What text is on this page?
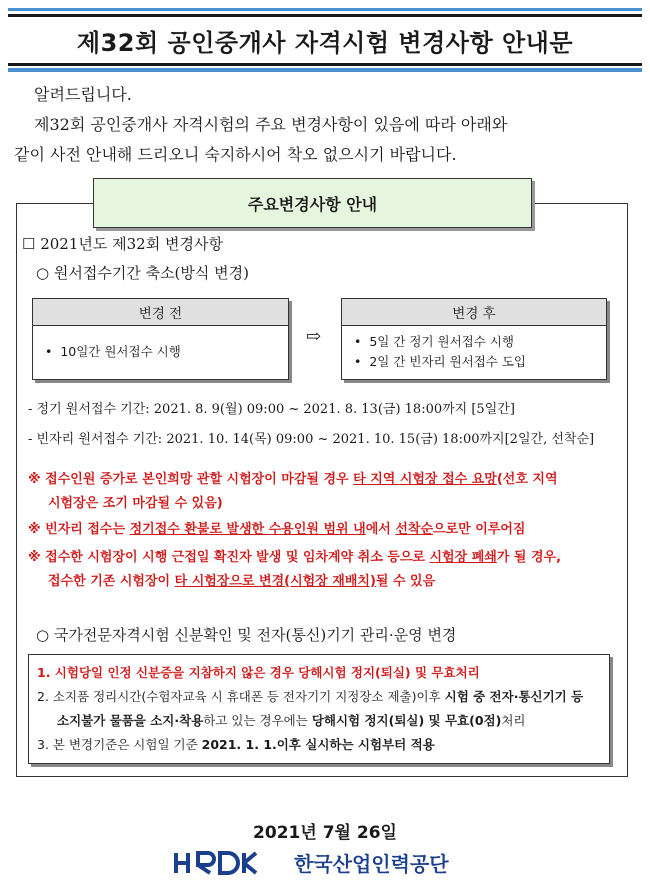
제32회 공인중개사 자격시험 변경사항 안내문
알려드립니다.
제32회 공인중개사 자격시험의 주요 변경사항이 있음에 따라 아래와
같이 사전 안내해 드리오니 숙지하시어 착오 없으시기 바랍니다.
주요변경사항 안내
☐ 2021년도 제32회 변경사항
○ 원서접수기간 축소(방식 변경)
변경 전
•  10일간 원서접수 시행
⇨
변경 후
•  5일 간 정기 원서접수 시행
•  2일 간 빈자리 원서접수 도입
- 정기 원서접수 기간: 2021. 8. 9(월) 09:00 ~ 2021. 8. 13(금) 18:00까지 [5일간]
- 빈자리 원서접수 기간: 2021. 10. 14(목) 09:00 ~ 2021. 10. 15(금) 18:00까지[2일간, 선착순]
※ 접수인원 증가로 본인희망 관할 시험장이 마감될 경우 타 지역 시험장 접수 요망(선호 지역
시험장은 조기 마감될 수 있음)
※ 빈자리 접수는 정기접수 환불로 발생한 수용인원 범위 내에서 선착순으로만 이루어짐
※ 접수한 시험장이 시행 근접일 확진자 발생 및 임차계약 취소 등으로 시험장 폐쇄가 될 경우,
접수한 기존 시험장이 타 시험장으로 변경(시험장 재배치)될 수 있음
○ 국가전문자격시험 신분확인 및 전자(통신)기기 관리·운영 변경
1. 시험당일 인정 신분증을 지참하지 않은 경우 당해시험 정지(퇴실) 및 무효처리
2. 소지품 정리시간(수험자교육 시 휴대폰 등 전자기기 지정장소 제출)이후 시험 중 전자·통신기기 등
소지불가 물품을 소지·착용하고 있는 경우에는 당해시험 정지(퇴실) 및 무효(0점)처리
3. 본 변경기준은 시험일 기준 2021. 1. 1.이후 실시하는 시험부터 적용
2021년 7월 26일
한국산업인력공단
